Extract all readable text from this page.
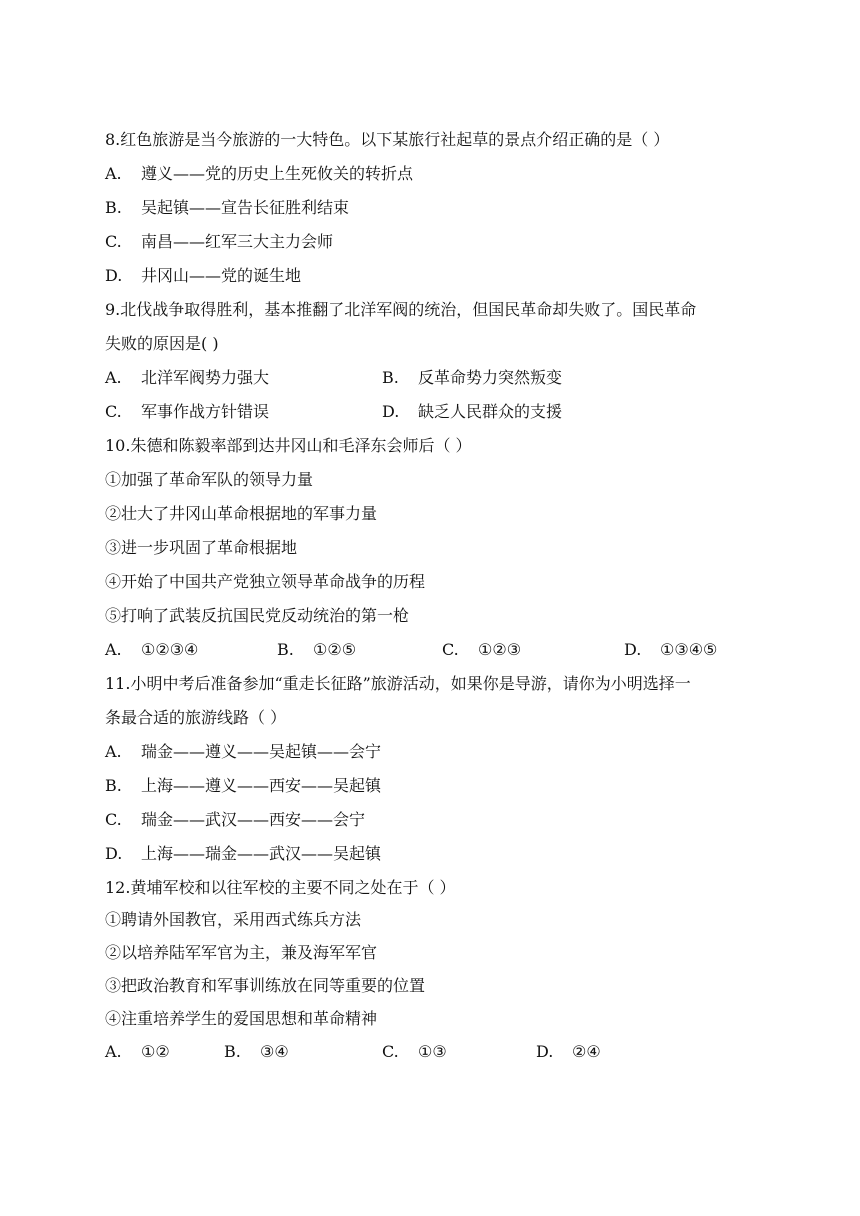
8.红色旅游是当今旅游的一大特色。以下某旅行社起草的景点介绍正确的是（ ）
A. 遵义——党的历史上生死攸关的转折点
B. 吴起镇——宣告长征胜利结束
C. 南昌——红军三大主力会师
D. 井冈山——党的诞生地
9.北伐战争取得胜利，基本推翻了北洋军阀的统治，但国民革命却失败了。国民革命
失败的原因是( )
A. 北洋军阀势力强大	B. 反革命势力突然叛变
C. 军事作战方针错误	D. 缺乏人民群众的支援
10.朱德和陈毅率部到达井冈山和毛泽东会师后（ ）
①加强了革命军队的领导力量
②壮大了井冈山革命根据地的军事力量
③进一步巩固了革命根据地
④开始了中国共产党独立领导革命战争的历程
⑤打响了武装反抗国民党反动统治的第一枪
A. ①②③④	B. ①②⑤	C. ①②③	D. ①③④⑤
11.小明中考后准备参加“重走长征路”旅游活动，如果你是导游，请你为小明选择一
条最合适的旅游线路（ ）
A. 瑞金——遵义——吴起镇——会宁
B. 上海——遵义——西安——吴起镇
C. 瑞金——武汉——西安——会宁
D. 上海——瑞金——武汉——吴起镇
12.黄埔军校和以往军校的主要不同之处在于（ ）
①聘请外国教官，采用西式练兵方法
②以培养陆军军官为主，兼及海军军官
③把政治教育和军事训练放在同等重要的位置
④注重培养学生的爱国思想和革命精神
A. ①②	B. ③④	C. ①③	D. ②④
